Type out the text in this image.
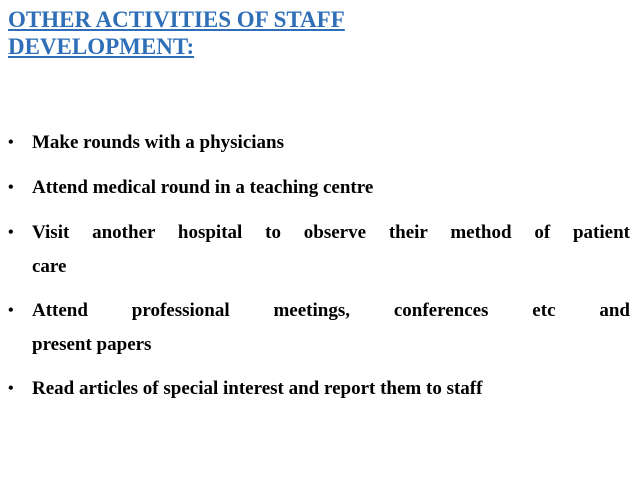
OTHER ACTIVITIES OF STAFF
DEVELOPMENT:
• Make rounds with a physicians
• Attend medical round in a teaching centre
• Visit another hospital to observe their method of patient
care
• Attend professional meetings, conferences etc and
present papers
• Read articles of special interest and report them to staff
